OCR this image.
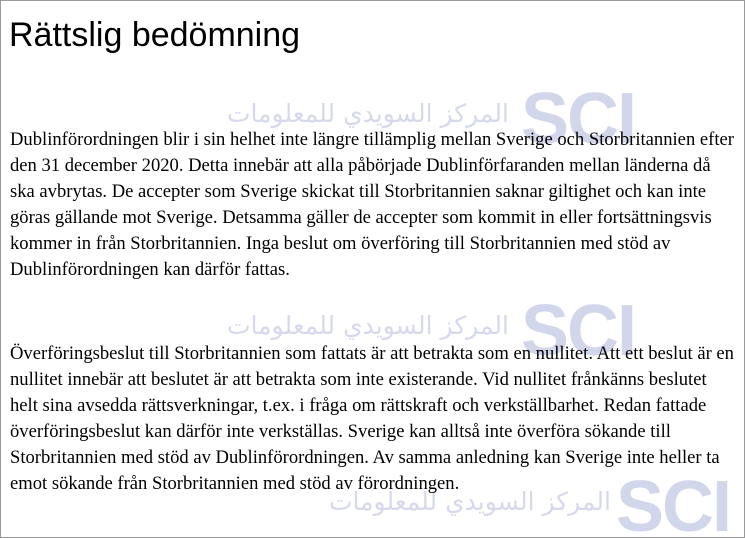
المركز السويدي للمعلومات SCI
المركز السويدي للمعلومات SCI
المركز السويدي للمعلومات SCI
Rättslig bedömning

Dublinförordningen blir i sin helhet inte längre tillämplig mellan Sverige och Storbritannien efter den 31 december 2020. Detta innebär att alla påbörjade Dublinförfaranden mellan länderna då ska avbrytas. De accepter som Sverige skickat till Storbritannien saknar giltighet och kan inte göras gällande mot Sverige. Detsamma gäller de accepter som kommit in eller fortsättningsvis kommer in från Storbritannien. Inga beslut om överföring till Storbritannien med stöd av Dublinförordningen kan därför fattas.

Överföringsbeslut till Storbritannien som fattats är att betrakta som en nullitet. Att ett beslut är en nullitet innebär att beslutet är att betrakta som inte existerande. Vid nullitet frånkänns beslutet helt sina avsedda rättsverkningar, t.ex. i fråga om rättskraft och verkställbarhet. Redan fattade överföringsbeslut kan därför inte verkställas. Sverige kan alltså inte överföra sökande till Storbritannien med stöd av Dublinförordningen. Av samma anledning kan Sverige inte heller ta emot sökande från Storbritannien med stöd av förordningen.
